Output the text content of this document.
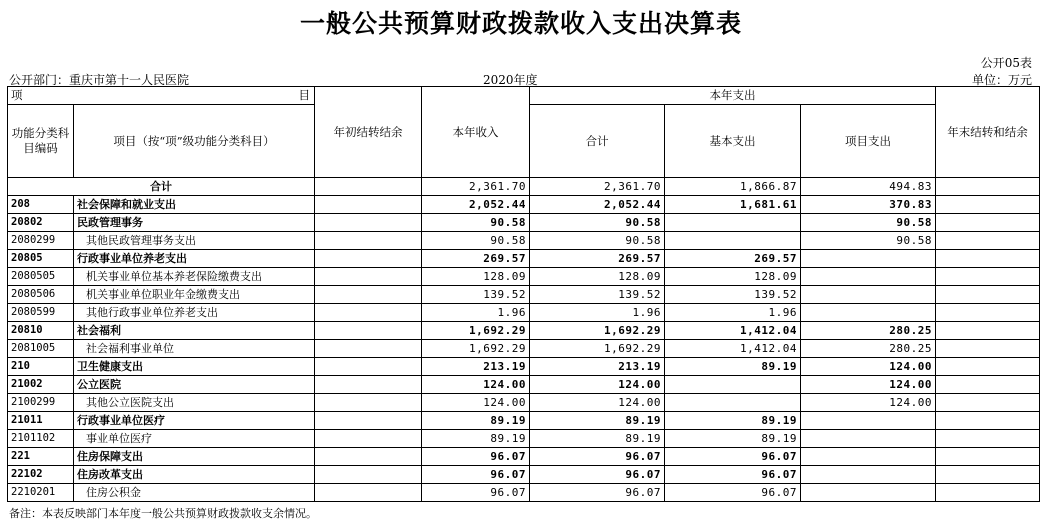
一般公共预算财政拨款收入支出决算表
公开05表
公开部门：重庆市第十一人民医院	2020年度	单位：万元
项 目		年初结转结余	本年收入	本年支出			年末结转和结余
功能分类科目编码	项目（按“项”级功能分类科目）			合计	基本支出	项目支出	
合计			2,361.70	2,361.70	1,866.87	494.83	
208	社会保障和就业支出		2,052.44	2,052.44	1,681.61	370.83	
20802	民政管理事务		90.58	90.58		90.58	
2080299	其他民政管理事务支出		90.58	90.58		90.58	
20805	行政事业单位养老支出		269.57	269.57	269.57		
2080505	机关事业单位基本养老保险缴费支出		128.09	128.09	128.09		
2080506	机关事业单位职业年金缴费支出		139.52	139.52	139.52		
2080599	其他行政事业单位养老支出		1.96	1.96	1.96		
20810	社会福利		1,692.29	1,692.29	1,412.04	280.25	
2081005	社会福利事业单位		1,692.29	1,692.29	1,412.04	280.25	
210	卫生健康支出		213.19	213.19	89.19	124.00	
21002	公立医院		124.00	124.00		124.00	
2100299	其他公立医院支出		124.00	124.00		124.00	
21011	行政事业单位医疗		89.19	89.19	89.19		
2101102	事业单位医疗		89.19	89.19	89.19		
221	住房保障支出		96.07	96.07	96.07		
22102	住房改革支出		96.07	96.07	96.07		
2210201	住房公积金		96.07	96.07	96.07		
备注：本表反映部门本年度一般公共预算财政拨款收支余情况。
